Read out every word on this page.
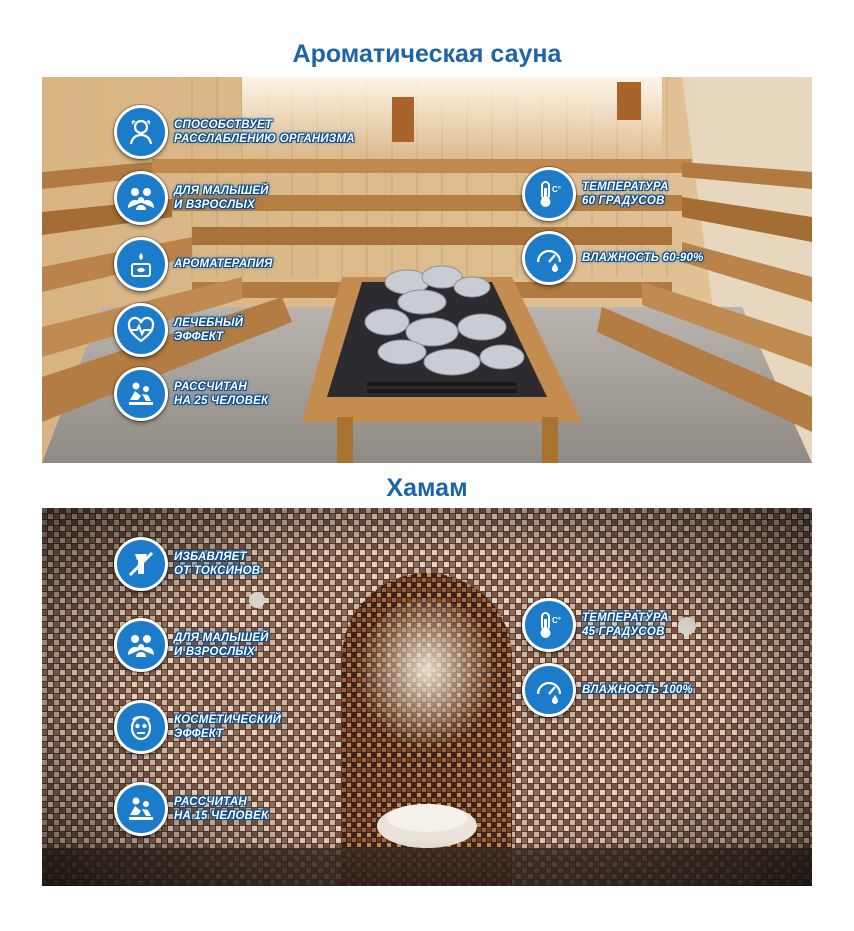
Ароматическая сауна
СПОСОБСТВУЕТ
РАССЛАБЛЕНИЮ ОРГАНИЗМА
ДЛЯ МАЛЫШЕЙ
И ВЗРОСЛЫХ
АРОМАТЕРАПИЯ
ЛЕЧЕБНЫЙ
ЭФФЕКТ
РАССЧИТАН
НА 25 ЧЕЛОВЕК
C° ТЕМПЕРАТУРА
60 ГРАДУСОВ
ВЛАЖНОСТЬ 60-90%
Хамам
ИЗБАВЛЯЕТ
ОТ ТОКСИНОВ
ДЛЯ МАЛЫШЕЙ
И ВЗРОСЛЫХ
КОСМЕТИЧЕСКИЙ
ЭФФЕКТ
РАССЧИТАН
НА 15 ЧЕЛОВЕК
C° ТЕМПЕРАТУРА
45 ГРАДУСОВ
ВЛАЖНОСТЬ 100%
